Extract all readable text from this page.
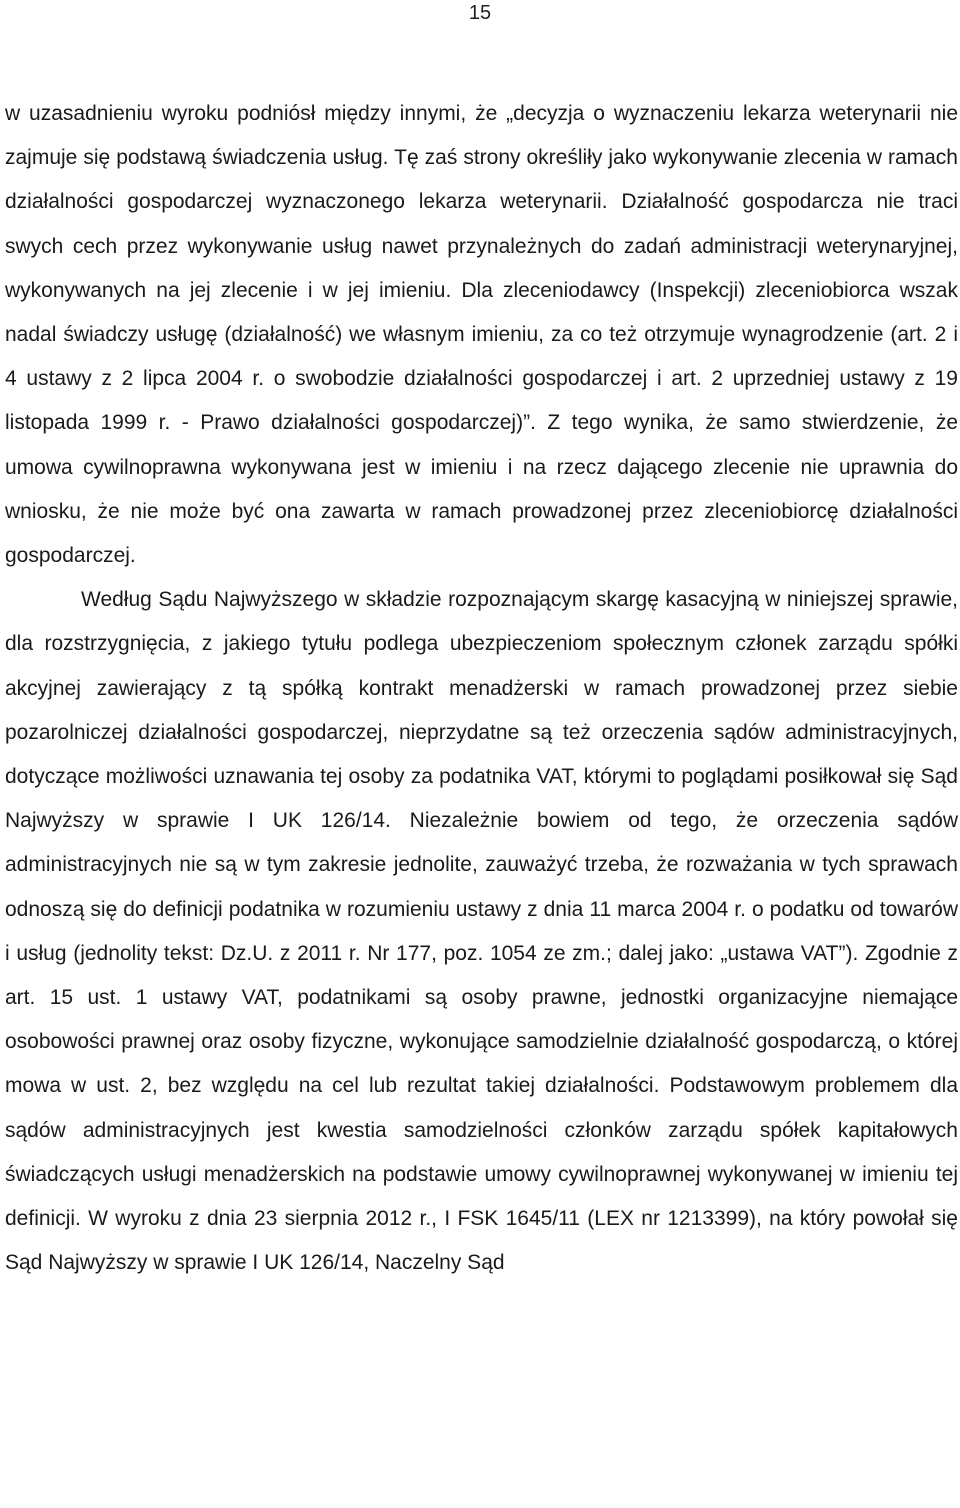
15

w uzasadnieniu wyroku podniósł między innymi, że „decyzja o wyznaczeniu lekarza weterynarii nie zajmuje się podstawą świadczenia usług. Tę zaś strony określiły jako wykonywanie zlecenia w ramach działalności gospodarczej wyznaczonego lekarza weterynarii. Działalność gospodarcza nie traci swych cech przez wykonywanie usług nawet przynależnych do zadań administracji weterynaryjnej, wykonywanych na jej zlecenie i w jej imieniu. Dla zleceniodawcy (Inspekcji) zleceniobiorca wszak nadal świadczy usługę (działalność) we własnym imieniu, za co też otrzymuje wynagrodzenie (art. 2 i 4 ustawy z 2 lipca 2004 r. o swobodzie działalności gospodarczej i art. 2 uprzedniej ustawy z 19 listopada 1999 r. - Prawo działalności gospodarczej)”. Z tego wynika, że samo stwierdzenie, że umowa cywilnoprawna wykonywana jest w imieniu i na rzecz dającego zlecenie nie uprawnia do wniosku, że nie może być ona zawarta w ramach prowadzonej przez zleceniobiorcę działalności gospodarczej.

Według Sądu Najwyższego w składzie rozpoznającym skargę kasacyjną w niniejszej sprawie, dla rozstrzygnięcia, z jakiego tytułu podlega ubezpieczeniom społecznym członek zarządu spółki akcyjnej zawierający z tą spółką kontrakt menadżerski w ramach prowadzonej przez siebie pozarolniczej działalności gospodarczej, nieprzydatne są też orzeczenia sądów administracyjnych, dotyczące możliwości uznawania tej osoby za podatnika VAT, którymi to poglądami posiłkował się Sąd Najwyższy w sprawie I UK 126/14. Niezależnie bowiem od tego, że orzeczenia sądów administracyjnych nie są w tym zakresie jednolite, zauważyć trzeba, że rozważania w tych sprawach odnoszą się do definicji podatnika w rozumieniu ustawy z dnia 11 marca 2004 r. o podatku od towarów i usług (jednolity tekst: Dz.U. z 2011 r. Nr 177, poz. 1054 ze zm.; dalej jako: „ustawa VAT”). Zgodnie z art. 15 ust. 1 ustawy VAT, podatnikami są osoby prawne, jednostki organizacyjne niemające osobowości prawnej oraz osoby fizyczne, wykonujące samodzielnie działalność gospodarczą, o której mowa w ust. 2, bez względu na cel lub rezultat takiej działalności. Podstawowym problemem dla sądów administracyjnych jest kwestia samodzielności członków zarządu spółek kapitałowych świadczących usługi menadżerskich na podstawie umowy cywilnoprawnej wykonywanej w imieniu tej definicji. W wyroku z dnia 23 sierpnia 2012 r., I FSK 1645/11 (LEX nr 1213399), na który powołał się Sąd Najwyższy w sprawie I UK 126/14, Naczelny Sąd
